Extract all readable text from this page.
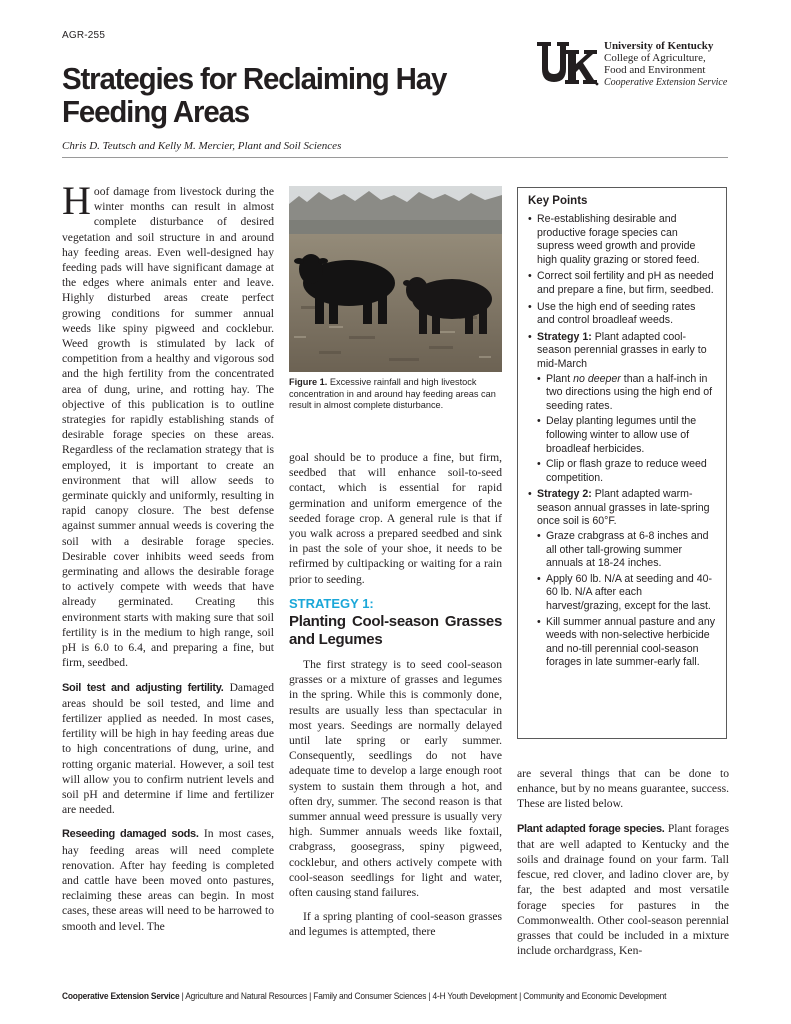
AGR-255
Strategies for Reclaiming Hay Feeding Areas
Chris D. Teutsch and Kelly M. Mercier, Plant and Soil Sciences
University of Kentucky
College of Agriculture,
Food and Environment
Cooperative Extension Service

Hoof damage from livestock during the winter months can result in almost complete disturbance of desired vegetation and soil structure in and around hay feeding areas. Even well-designed hay feeding pads will have significant damage at the edges where animals enter and leave. Highly disturbed areas create perfect growing conditions for summer annual weeds like spiny pigweed and cocklebur. Weed growth is stimulated by lack of competition from a healthy and vigorous sod and the high fertility from the concentrated area of dung, urine, and rotting hay. The objective of this publication is to outline strategies for rapidly establishing stands of desirable forage species on these areas. Regardless of the reclamation strategy that is employed, it is important to create an environment that will allow seeds to germinate quickly and uniformly, resulting in rapid canopy closure. The best defense against summer annual weeds is covering the soil with a desirable forage species. Desirable cover inhibits weed seeds from germinating and allows the desirable forage to actively compete with weeds that have already germinated. Creating this environment starts with making sure that soil fertility is in the medium to high range, soil pH is 6.0 to 6.4, and preparing a fine, but firm, seedbed.

Soil test and adjusting fertility. Damaged areas should be soil tested, and lime and fertilizer applied as needed. In most cases, fertility will be high in hay feeding areas due to high concentrations of dung, urine, and rotting organic material. However, a soil test will allow you to confirm nutrient levels and soil pH and determine if lime and fertilizer are needed.

Reseeding damaged sods. In most cases, hay feeding areas will need complete renovation. After hay feeding is completed and cattle have been moved onto pastures, reclaiming these areas can begin. In most cases, these areas will need to be harrowed to smooth and level. The

Figure 1. Excessive rainfall and high livestock concentration in and around hay feeding areas can result in almost complete disturbance.

goal should be to produce a fine, but firm, seedbed that will enhance soil-to-seed contact, which is essential for rapid germination and uniform emergence of the seeded forage crop. A general rule is that if you walk across a prepared seedbed and sink in past the sole of your shoe, it needs to be refirmed by cultipacking or waiting for a rain prior to seeding.

STRATEGY 1:
Planting Cool-season Grasses and Legumes

The first strategy is to seed cool-season grasses or a mixture of grasses and legumes in the spring. While this is commonly done, results are usually less than spectacular in most years. Seedings are normally delayed until late spring or early summer. Consequently, seedlings do not have adequate time to develop a large enough root system to sustain them through a hot, and often dry, summer. The second reason is that summer annual weed pressure is usually very high. Summer annuals weeds like foxtail, crabgrass, goosegrass, spiny pigweed, cocklebur, and others actively compete with cool-season seedlings for light and water, often causing stand failures.

If a spring planting of cool-season grasses and legumes is attempted, there

Key Points
• Re-establishing desirable and productive forage species can supress weed growth and provide high quality grazing or stored feed.
• Correct soil fertility and pH as needed and prepare a fine, but firm, seedbed.
• Use the high end of seeding rates and control broadleaf weeds.
• Strategy 1: Plant adapted cool-season perennial grasses in early to mid-March
• Plant no deeper than a half-inch in two directions using the high end of seeding rates.
• Delay planting legumes until the following winter to allow use of broadleaf herbicides.
• Clip or flash graze to reduce weed competition.
• Strategy 2: Plant adapted warm-season annual grasses in late-spring once soil is 60°F.
• Graze crabgrass at 6-8 inches and all other tall-growing summer annuals at 18-24 inches.
• Apply 60 lb. N/A at seeding and 40-60 lb. N/A after each harvest/grazing, except for the last.
• Kill summer annual pasture and any weeds with non-selective herbicide and no-till perennial cool-season forages in late summer-early fall.

are several things that can be done to enhance, but by no means guarantee, success. These are listed below.

Plant adapted forage species. Plant forages that are well adapted to Kentucky and the soils and drainage found on your farm. Tall fescue, red clover, and ladino clover are, by far, the best adapted and most versatile forage species for pastures in the Commonwealth. Other cool-season perennial grasses that could be included in a mixture include orchardgrass, Ken-

Cooperative Extension Service | Agriculture and Natural Resources | Family and Consumer Sciences | 4-H Youth Development | Community and Economic Development
